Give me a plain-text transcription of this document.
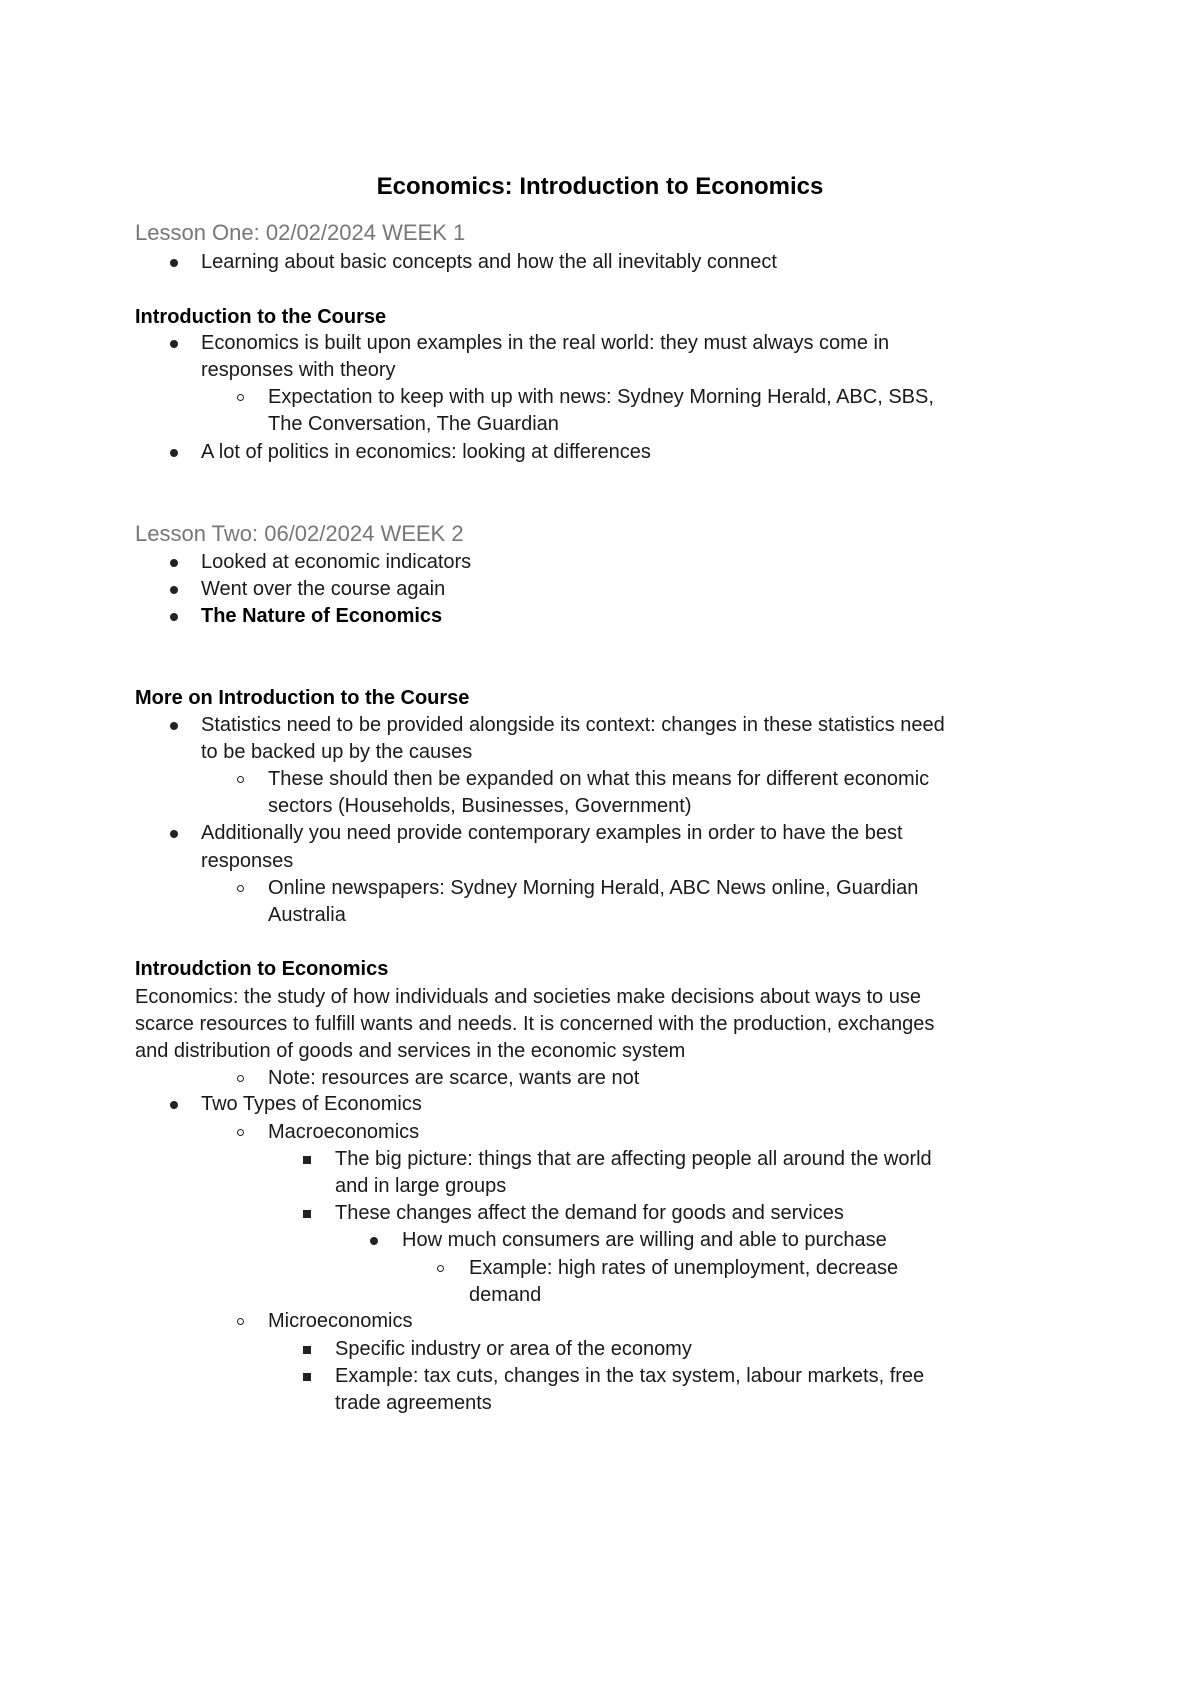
Economics: Introduction to Economics
Lesson One: 02/02/2024 WEEK 1
Learning about basic concepts and how the all inevitably connect
Introduction to the Course
Economics is built upon examples in the real world: they must always come in
responses with theory
Expectation to keep with up with news: Sydney Morning Herald, ABC, SBS,
The Conversation, The Guardian
A lot of politics in economics: looking at differences
Lesson Two: 06/02/2024 WEEK 2
Looked at economic indicators
Went over the course again
The Nature of Economics
More on Introduction to the Course
Statistics need to be provided alongside its context: changes in these statistics need
to be backed up by the causes
These should then be expanded on what this means for different economic
sectors (Households, Businesses, Government)
Additionally you need provide contemporary examples in order to have the best
responses
Online newspapers: Sydney Morning Herald, ABC News online, Guardian
Australia
Introudction to Economics
Economics: the study of how individuals and societies make decisions about ways to use
scarce resources to fulfill wants and needs. It is concerned with the production, exchanges
and distribution of goods and services in the economic system
Note: resources are scarce, wants are not
Two Types of Economics
Macroeconomics
The big picture: things that are affecting people all around the world
and in large groups
These changes affect the demand for goods and services
How much consumers are willing and able to purchase
Example: high rates of unemployment, decrease
demand
Microeconomics
Specific industry or area of the economy
Example: tax cuts, changes in the tax system, labour markets, free
trade agreements
